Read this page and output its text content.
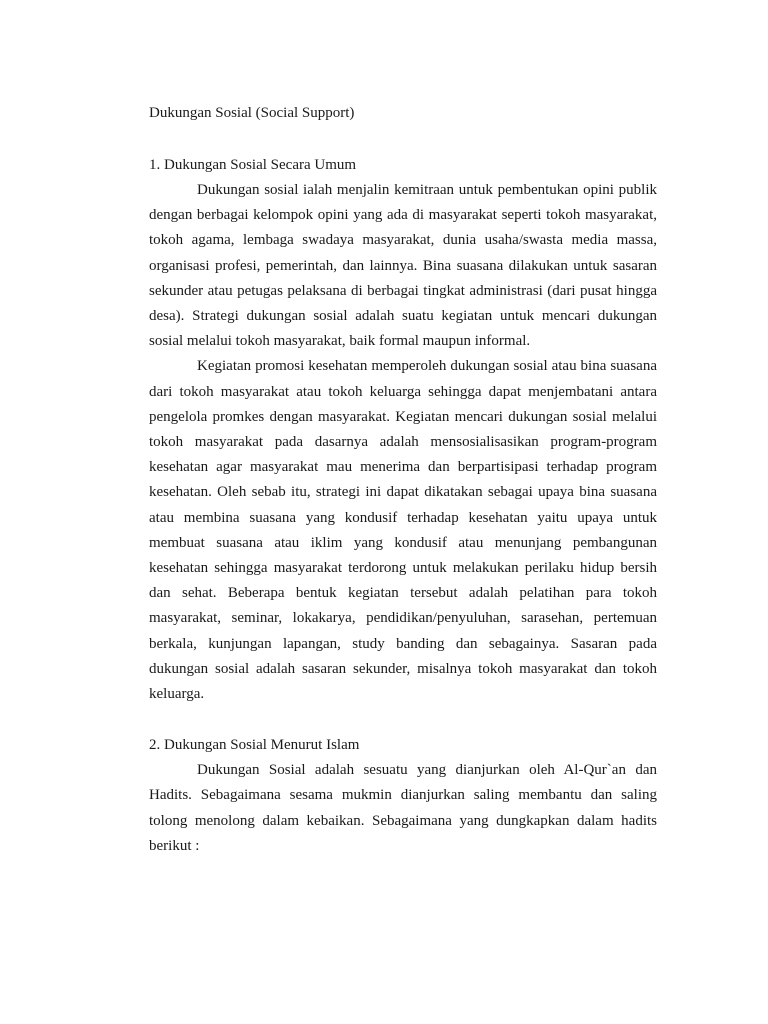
Dukungan Sosial (Social Support)
1. Dukungan Sosial Secara Umum

Dukungan sosial ialah menjalin kemitraan untuk pembentukan opini publik dengan berbagai kelompok opini yang ada di masyarakat seperti tokoh masyarakat, tokoh agama, lembaga swadaya masyarakat, dunia usaha/swasta media massa, organisasi profesi, pemerintah, dan lainnya. Bina suasana dilakukan untuk sasaran sekunder atau petugas pelaksana di berbagai tingkat administrasi (dari pusat hingga desa). Strategi dukungan sosial adalah suatu kegiatan untuk mencari dukungan sosial melalui tokoh masyarakat, baik formal maupun informal.

Kegiatan promosi kesehatan memperoleh dukungan sosial atau bina suasana dari tokoh masyarakat atau tokoh keluarga sehingga dapat menjembatani antara pengelola promkes dengan masyarakat. Kegiatan mencari dukungan sosial melalui tokoh masyarakat pada dasarnya adalah mensosialisasikan program-program kesehatan agar masyarakat mau menerima dan berpartisipasi terhadap program kesehatan. Oleh sebab itu, strategi ini dapat dikatakan sebagai upaya bina suasana atau membina suasana yang kondusif terhadap kesehatan yaitu upaya untuk membuat suasana atau iklim yang kondusif atau menunjang pembangunan kesehatan sehingga masyarakat terdorong untuk melakukan perilaku hidup bersih dan sehat. Beberapa bentuk kegiatan tersebut adalah pelatihan para tokoh masyarakat, seminar, lokakarya, pendidikan/penyuluhan, sarasehan, pertemuan berkala, kunjungan lapangan, study banding dan sebagainya. Sasaran pada dukungan sosial adalah sasaran sekunder, misalnya tokoh masyarakat dan tokoh keluarga.

2. Dukungan Sosial Menurut Islam

Dukungan Sosial adalah sesuatu yang dianjurkan oleh Al-Qur`an dan Hadits. Sebagaimana sesama mukmin dianjurkan saling membantu dan saling tolong menolong dalam kebaikan. Sebagaimana yang dungkapkan dalam hadits berikut :
